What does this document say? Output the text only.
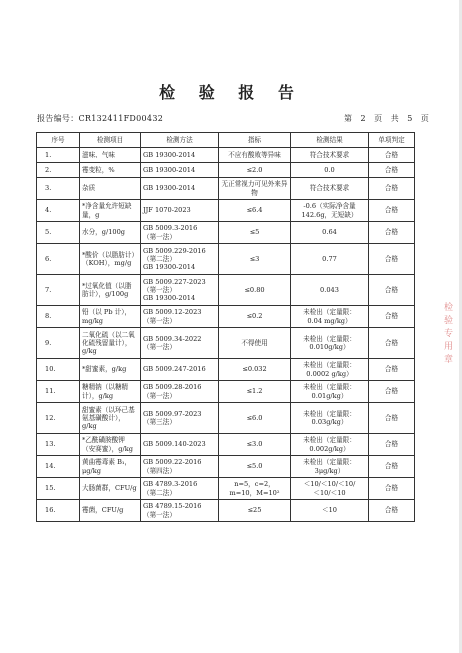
检 验 报 告
报告编号：CR132411FD00432	第 2 页 共 5 页
序号	检测项目	检测方法	指标	检测结果	单项判定
1.	滋味、气味	GB 19300-2014	不应有酸败等异味	符合技术要求	合格
2.	霉变粒，%	GB 19300-2014	≤2.0	0.0	合格
3.	杂质	GB 19300-2014	无正常视力可见外来异物	符合技术要求	合格
4.	*净含量允许短缺量，g	JJF 1070-2023	≤6.4	-0.6（实际净含量142.6g，无短缺）	合格
5.	水分，g/100g	GB 5009.3-2016
（第一法）	≤5	0.64	合格
6.	*酸价（以脂肪计）（KOH），mg/g	GB 5009.229-2016
（第二法）
GB 19300-2014	≤3	0.77	合格
7.	*过氧化值（以脂肪计），g/100g	GB 5009.227-2023
（第一法）
GB 19300-2014	≤0.80	0.043	合格
8.	铅（以 Pb 计），mg/kg	GB 5009.12-2023
（第一法）	≤0.2	未检出（定量限：
0.04 mg/kg）	合格
9.	二氧化硫（以二氧化硫残留量计），g/kg	GB 5009.34-2022
（第一法）	不得使用	未检出（定量限：
0.010g/kg）	合格
10.	*甜蜜素，g/kg	GB 5009.247-2016	≤0.032	未检出（定量限：
0.0002 g/kg）	合格
11.	糖精钠（以糖精计），g/kg	GB 5009.28-2016
（第一法）	≤1.2	未检出（定量限：
0.01g/kg）	合格
12.	甜蜜素（以环己基氨基磺酸计），g/kg	GB 5009.97-2023
（第三法）	≤6.0	未检出（定量限：
0.03g/kg）	合格
13.	*乙酰磺胺酸钾（安赛蜜），g/kg	GB 5009.140-2023	≤3.0	未检出（定量限：
0.002g/kg）	合格
14.	黄曲霉毒素 B₁，μg/kg	GB 5009.22-2016
（第四法）	≤5.0	未检出（定量限：
3μg/kg）	合格
15.	大肠菌群，CFU/g	GB 4789.3-2016
（第二法）	n=5，c=2，m=10，M=10²	＜10/＜10/＜10/
＜10/＜10	合格
16.	霉菌，CFU/g	GB 4789.15-2016
（第一法）	≤25	＜10	合格
检
验
专
用
章
